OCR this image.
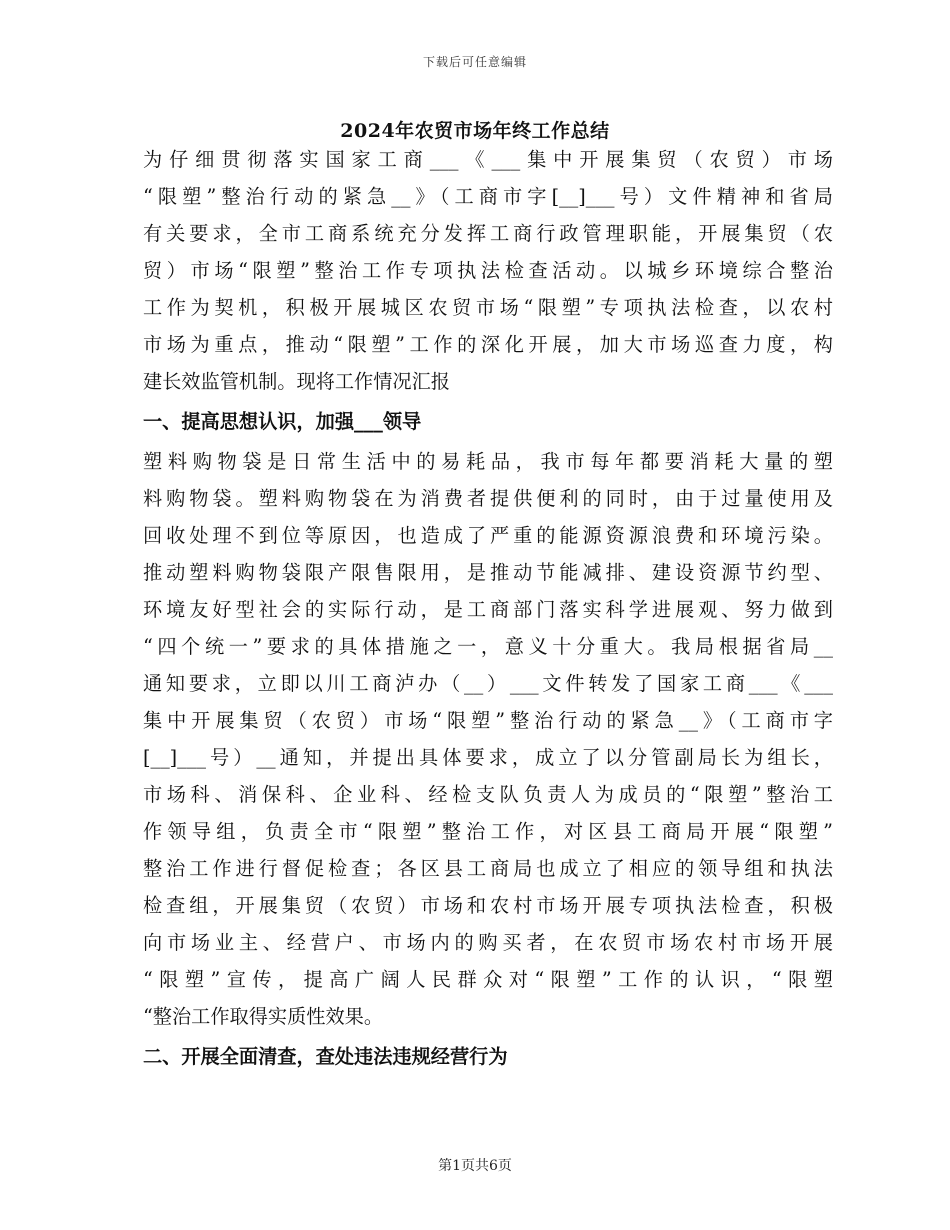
下载后可任意编辑
2024年农贸市场年终工作总结
为仔细贯彻落实国家工商___《___集中开展集贸（农贸）市场
“限塑”整治行动的紧急__》（工商市字[__]___号）文件精神和省局
有关要求，全市工商系统充分发挥工商行政管理职能，开展集贸（农
贸）市场“限塑”整治工作专项执法检查活动。以城乡环境综合整治
工作为契机，积极开展城区农贸市场“限塑”专项执法检查，以农村
市场为重点，推动“限塑”工作的深化开展，加大市场巡查力度，构
建长效监管机制。现将工作情况汇报
一、提高思想认识，加强___领导
塑料购物袋是日常生活中的易耗品，我市每年都要消耗大量的塑
料购物袋。塑料购物袋在为消费者提供便利的同时，由于过量使用及
回收处理不到位等原因，也造成了严重的能源资源浪费和环境污染。
推动塑料购物袋限产限售限用，是推动节能减排、建设资源节约型、
环境友好型社会的实际行动，是工商部门落实科学进展观、努力做到
“四个统一”要求的具体措施之一，意义十分重大。我局根据省局__
通知要求，立即以川工商泸办（__）___文件转发了国家工商___《___
集中开展集贸（农贸）市场“限塑”整治行动的紧急__》（工商市字
[__]___号）__通知，并提出具体要求，成立了以分管副局长为组长，
市场科、消保科、企业科、经检支队负责人为成员的“限塑”整治工
作领导组，负责全市“限塑”整治工作，对区县工商局开展“限塑”
整治工作进行督促检查；各区县工商局也成立了相应的领导组和执法
检查组，开展集贸（农贸）市场和农村市场开展专项执法检查，积极
向市场业主、经营户、市场内的购买者，在农贸市场农村市场开展
“限塑”宣传，提高广阔人民群众对“限塑”工作的认识，“限塑
“整治工作取得实质性效果。
二、开展全面清查，查处违法违规经营行为
第1页共6页
